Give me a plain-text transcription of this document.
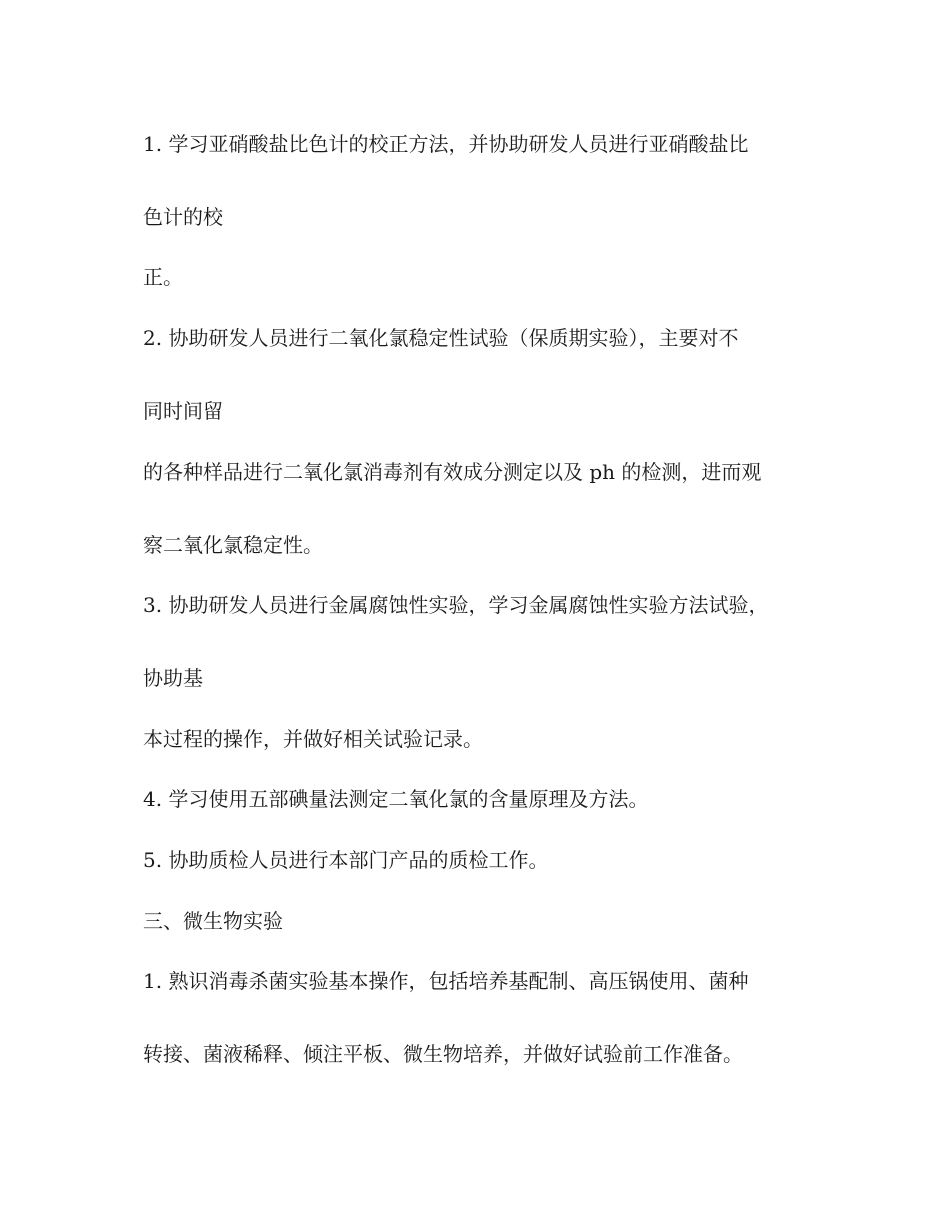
1. 学习亚硝酸盐比色计的校正方法，并协助研发人员进行亚硝酸盐比

色计的校

正。

2. 协助研发人员进行二氧化氯稳定性试验（保质期实验），主要对不

同时间留

的各种样品进行二氧化氯消毒剂有效成分测定以及 ph 的检测，进而观

察二氧化氯稳定性。

3. 协助研发人员进行金属腐蚀性实验，学习金属腐蚀性实验方法试验，

协助基

本过程的操作，并做好相关试验记录。

4. 学习使用五部碘量法测定二氧化氯的含量原理及方法。

5. 协助质检人员进行本部门产品的质检工作。

三、微生物实验

1. 熟识消毒杀菌实验基本操作，包括培养基配制、高压锅使用、菌种

转接、菌液稀释、倾注平板、微生物培养，并做好试验前工作准备。
